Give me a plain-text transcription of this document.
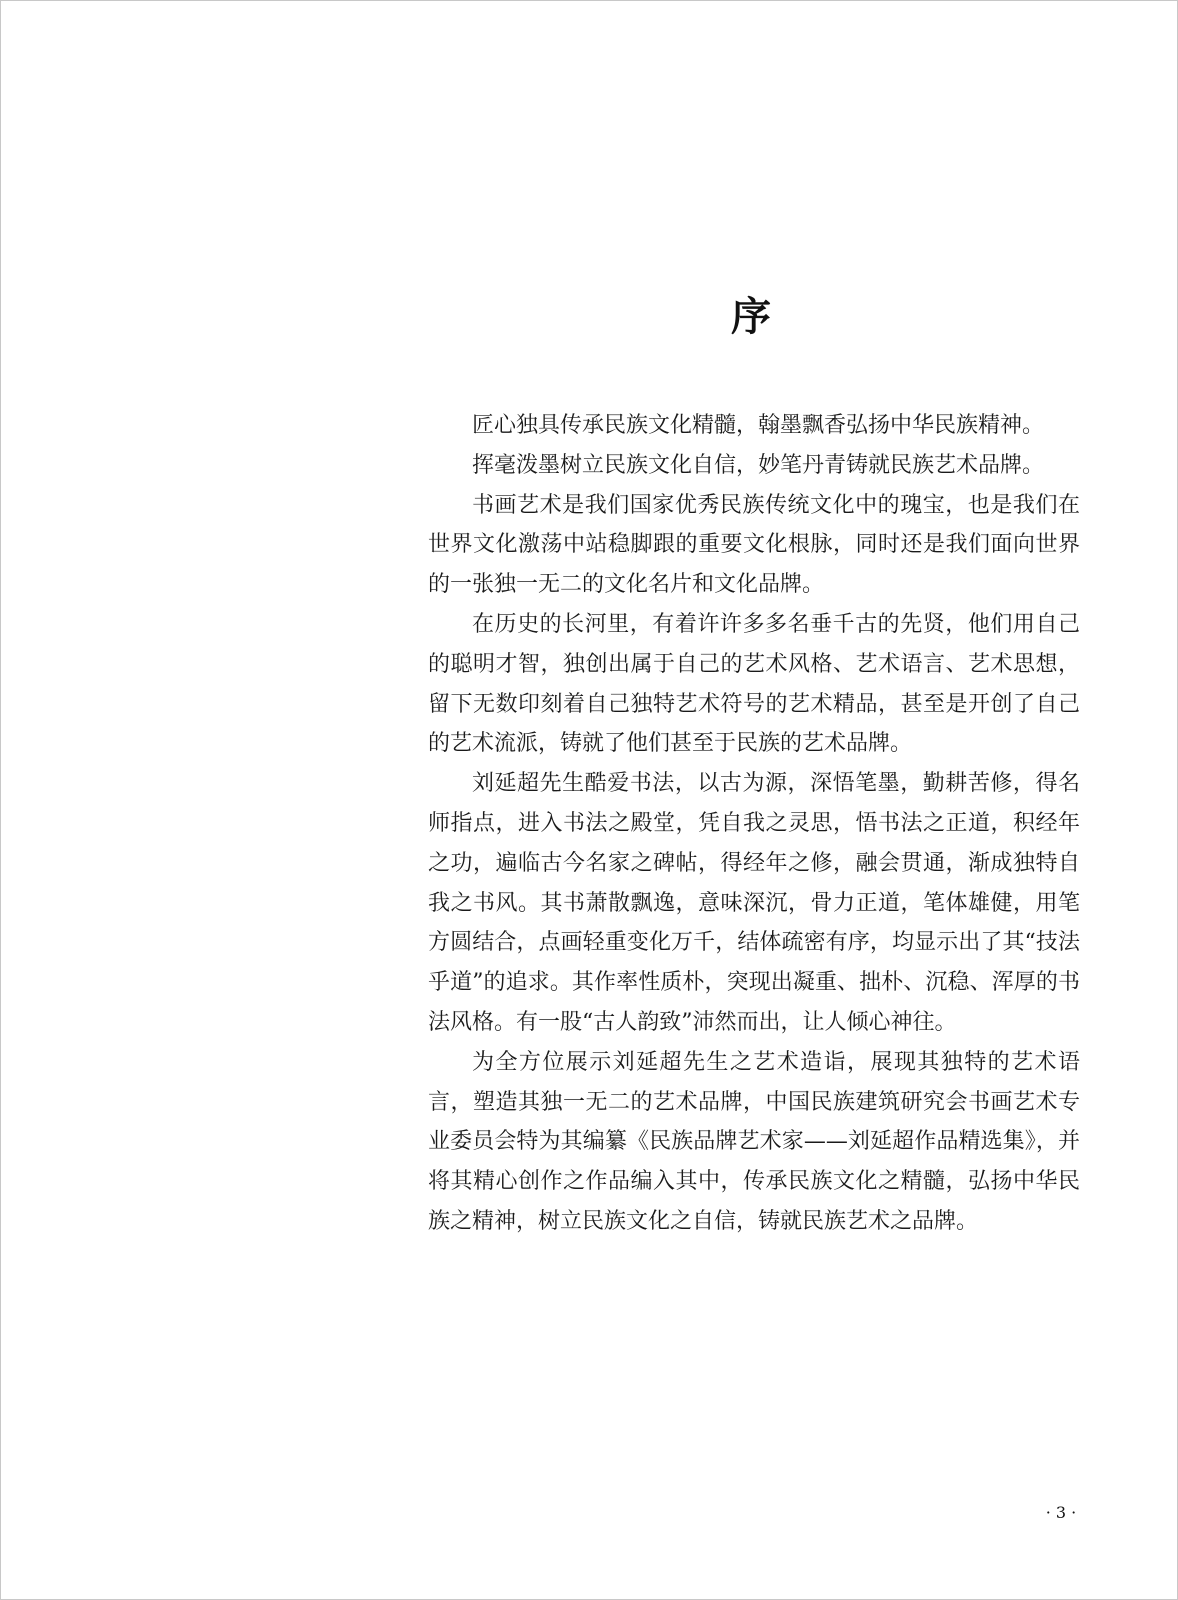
序

匠心独具传承民族文化精髓，翰墨飘香弘扬中华民族精神。

挥毫泼墨树立民族文化自信，妙笔丹青铸就民族艺术品牌。

书画艺术是我们国家优秀民族传统文化中的瑰宝，也是我们在世界文化激荡中站稳脚跟的重要文化根脉，同时还是我们面向世界的一张独一无二的文化名片和文化品牌。

在历史的长河里，有着许许多多名垂千古的先贤，他们用自己的聪明才智，独创出属于自己的艺术风格、艺术语言、艺术思想，留下无数印刻着自己独特艺术符号的艺术精品，甚至是开创了自己的艺术流派，铸就了他们甚至于民族的艺术品牌。

刘延超先生酷爱书法，以古为源，深悟笔墨，勤耕苦修，得名师指点，进入书法之殿堂，凭自我之灵思，悟书法之正道，积经年之功，遍临古今名家之碑帖，得经年之修，融会贯通，渐成独特自我之书风。其书萧散飘逸，意味深沉，骨力正道，笔体雄健，用笔方圆结合，点画轻重变化万千，结体疏密有序，均显示出了其“技法乎道”的追求。其作率性质朴，突现出凝重、拙朴、沉稳、浑厚的书法风格。有一股“古人韵致”沛然而出，让人倾心神往。

为全方位展示刘延超先生之艺术造诣，展现其独特的艺术语言，塑造其独一无二的艺术品牌，中国民族建筑研究会书画艺术专业委员会特为其编纂《民族品牌艺术家——刘延超作品精选集》，并将其精心创作之作品编入其中，传承民族文化之精髓，弘扬中华民族之精神，树立民族文化之自信，铸就民族艺术之品牌。

· 3 ·
